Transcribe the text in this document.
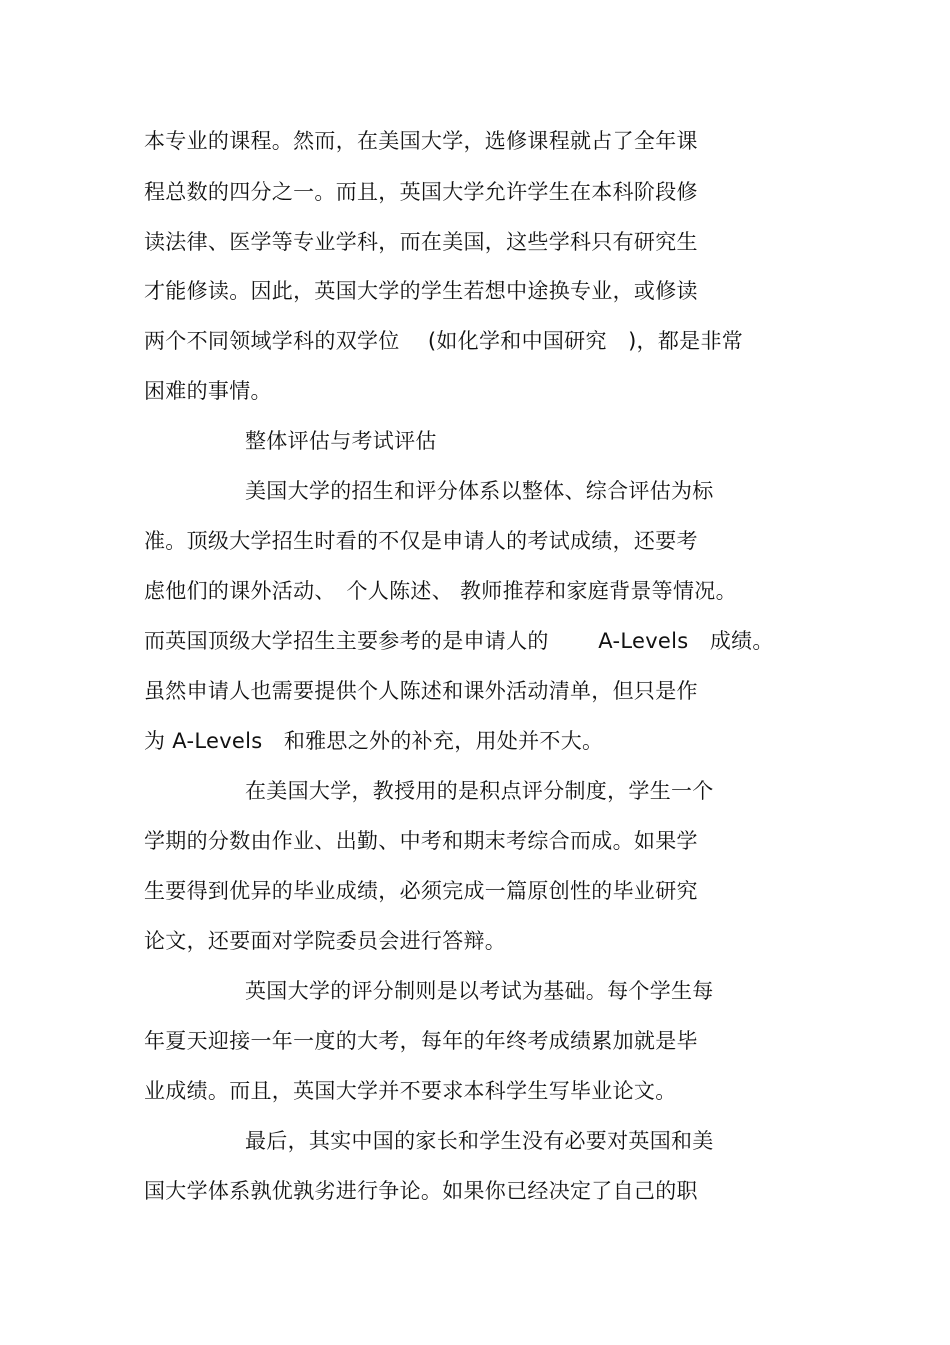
本专业的课程。然而，在美国大学，选修课程就占了全年课
程总数的四分之一。而且，英国大学允许学生在本科阶段修
读法律、医学等专业学科，而在美国，这些学科只有研究生
才能修读。因此，英国大学的学生若想中途换专业，或修读
两个不同领域学科的双学位　 (如化学和中国研究　)，都是非常
困难的事情。
整体评估与考试评估
美国大学的招生和评分体系以整体、综合评估为标
准。顶级大学招生时看的不仅是申请人的考试成绩，还要考
虑他们的课外活动、　个人陈述、 教师推荐和家庭背景等情况。
而英国顶级大学招生主要参考的是申请人的　　 A-Levels　成绩。
虽然申请人也需要提供个人陈述和课外活动清单，但只是作
为 A-Levels　和雅思之外的补充，用处并不大。
在美国大学，教授用的是积点评分制度，学生一个
学期的分数由作业、出勤、中考和期末考综合而成。如果学
生要得到优异的毕业成绩，必须完成一篇原创性的毕业研究
论文，还要面对学院委员会进行答辩。
英国大学的评分制则是以考试为基础。每个学生每
年夏天迎接一年一度的大考，每年的年终考成绩累加就是毕
业成绩。而且，英国大学并不要求本科学生写毕业论文。
最后，其实中国的家长和学生没有必要对英国和美
国大学体系孰优孰劣进行争论。如果你已经决定了自己的职
